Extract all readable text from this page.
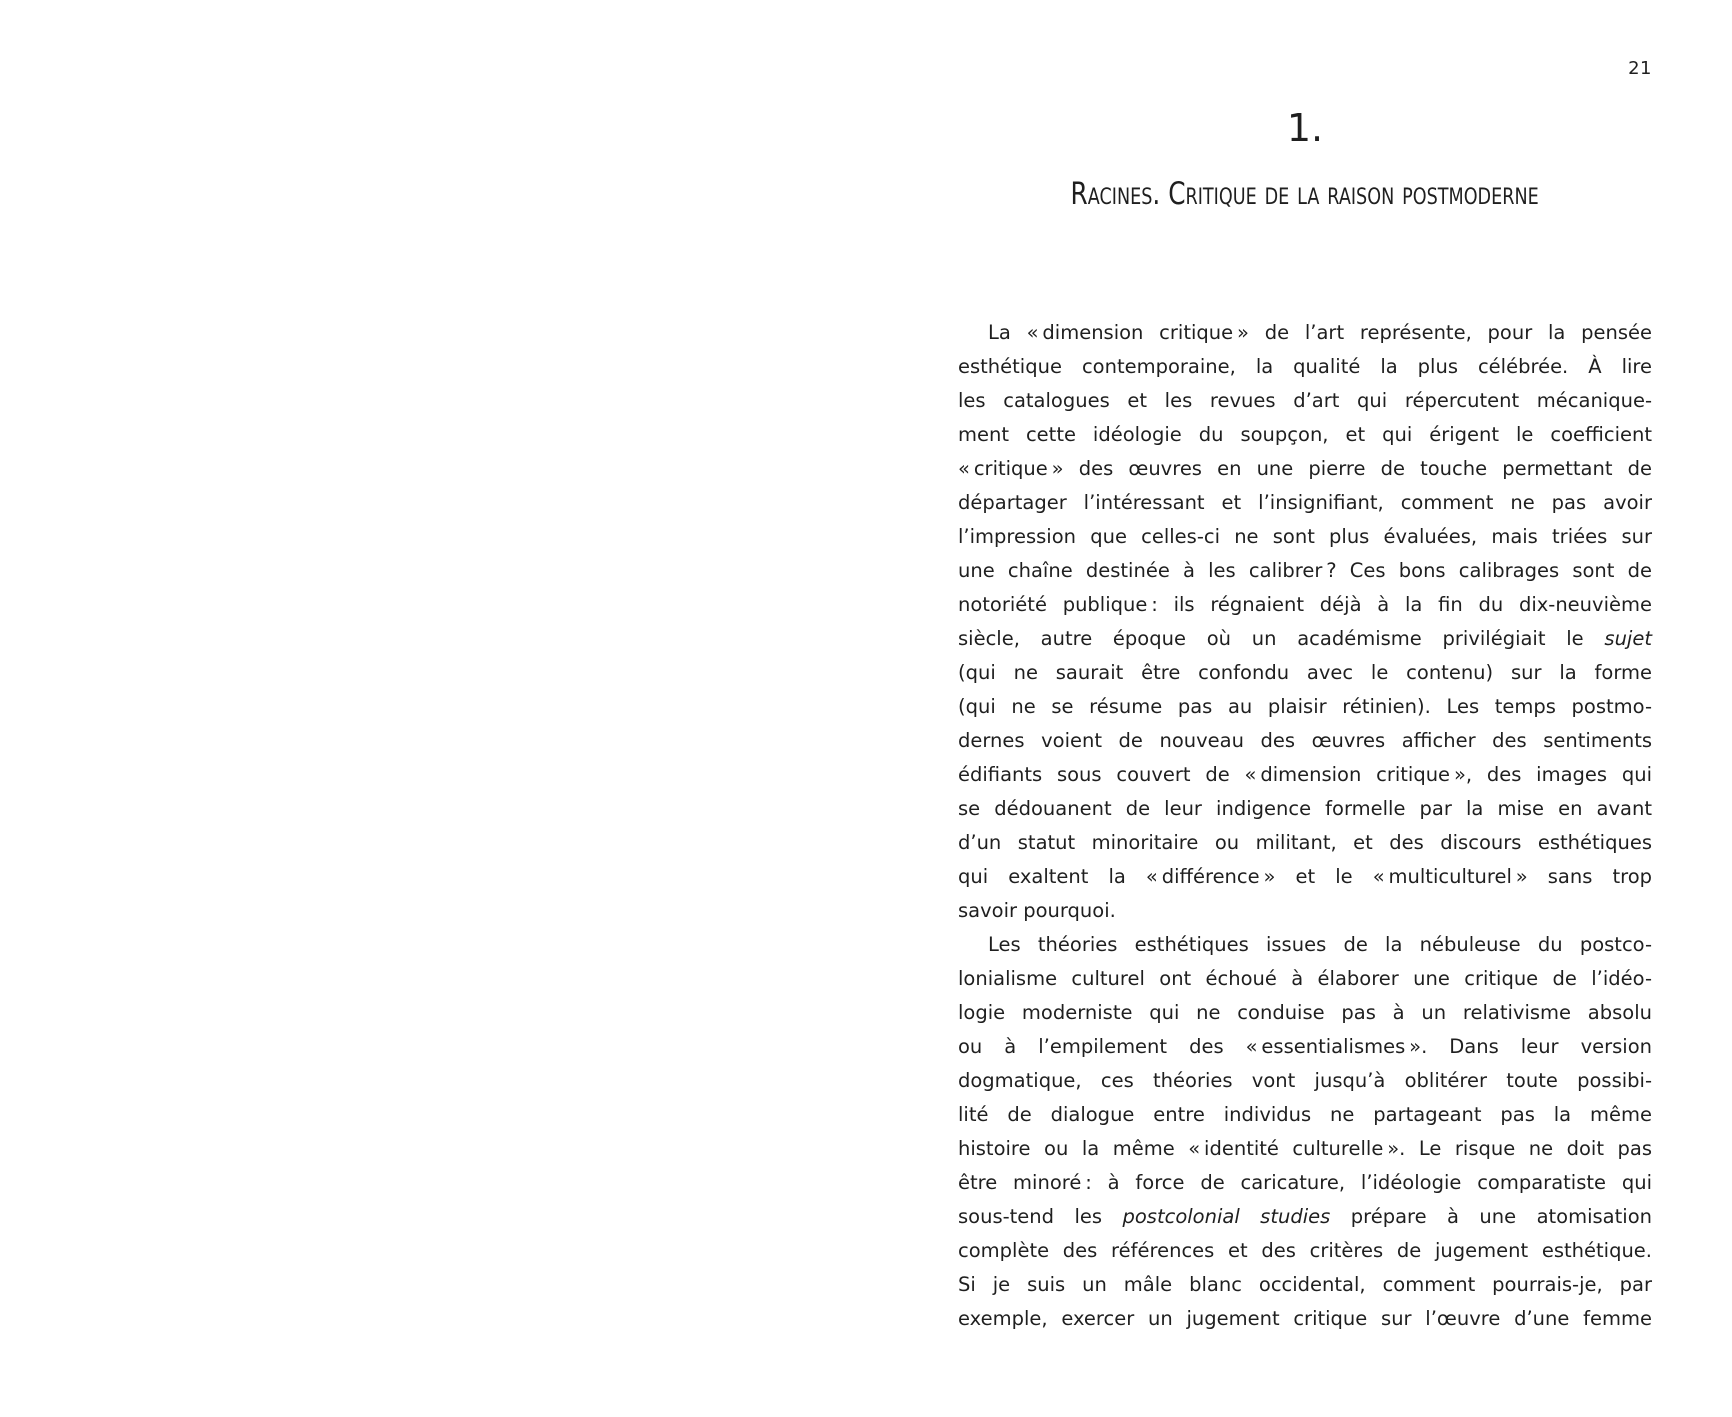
21
1.
Racines. Critique de la raison postmoderne
La « dimension critique » de l’art représente, pour la pensée
esthétique contemporaine, la qualité la plus célébrée. À lire
les catalogues et les revues d’art qui répercutent mécanique-
ment cette idéologie du soupçon, et qui érigent le coefficient
« critique » des œuvres en une pierre de touche permettant de
départager l’intéressant et l’insignifiant, comment ne pas avoir
l’impression que celles-ci ne sont plus évaluées, mais triées sur
une chaîne destinée à les calibrer ? Ces bons calibrages sont de
notoriété publique : ils régnaient déjà à la fin du dix-neuvième
siècle, autre époque où un académisme privilégiait le sujet
(qui ne saurait être confondu avec le contenu) sur la forme
(qui ne se résume pas au plaisir rétinien). Les temps postmo-
dernes voient de nouveau des œuvres afficher des sentiments
édifiants sous couvert de « dimension critique », des images qui
se dédouanent de leur indigence formelle par la mise en avant
d’un statut minoritaire ou militant, et des discours esthétiques
qui exaltent la « différence » et le « multiculturel » sans trop
savoir pourquoi.
Les théories esthétiques issues de la nébuleuse du postco-
lonialisme culturel ont échoué à élaborer une critique de l’idéo-
logie moderniste qui ne conduise pas à un relativisme absolu
ou à l’empilement des « essentialismes ». Dans leur version
dogmatique, ces théories vont jusqu’à oblitérer toute possibi-
lité de dialogue entre individus ne partageant pas la même
histoire ou la même « identité culturelle ». Le risque ne doit pas
être minoré : à force de caricature, l’idéologie comparatiste qui
sous-tend les postcolonial studies prépare à une atomisation
complète des références et des critères de jugement esthétique.
Si je suis un mâle blanc occidental, comment pourrais-je, par
exemple, exercer un jugement critique sur l’œuvre d’une femme
